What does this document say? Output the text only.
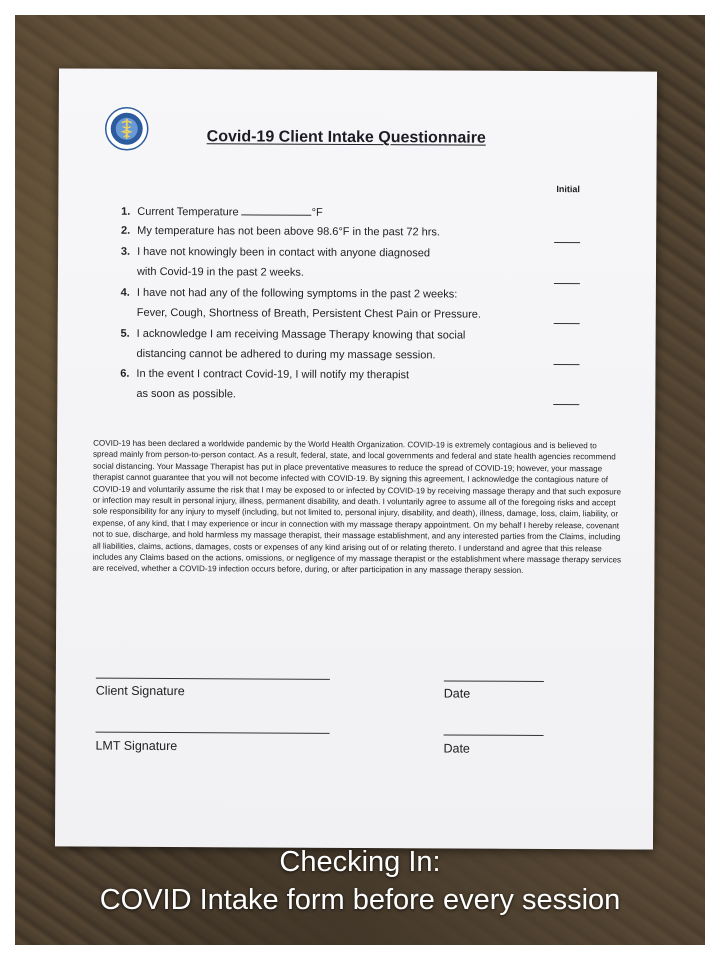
Covid-19 Client Intake Questionnaire
Initial
1. Current Temperature	°F
2. My temperature has not been above 98.6°F in the past 72 hrs.
3. I have not knowingly been in contact with anyone diagnosed
with Covid-19 in the past 2 weeks.
4. I have not had any of the following symptoms in the past 2 weeks:
Fever, Cough, Shortness of Breath, Persistent Chest Pain or Pressure.
5. I acknowledge I am receiving Massage Therapy knowing that social
distancing cannot be adhered to during my massage session.
6. In the event I contract Covid-19, I will notify my therapist
as soon as possible.
COVID-19 has been declared a worldwide pandemic by the World Health Organization. COVID-19 is extremely contagious and is believed to spread mainly from person-to-person contact. As a result, federal, state, and local governments and federal and state health agencies recommend social distancing. Your Massage Therapist has put in place preventative measures to reduce the spread of COVID-19; however, your massage therapist cannot guarantee that you will not become infected with COVID-19. By signing this agreement, I acknowledge the contagious nature of COVID-19 and voluntarily assume the risk that I may be exposed to or infected by COVID-19 by receiving massage therapy and that such exposure or infection may result in personal injury, illness, permanent disability, and death. I voluntarily agree to assume all of the foregoing risks and accept sole responsibility for any injury to myself (including, but not limited to, personal injury, disability, and death), illness, damage, loss, claim, liability, or expense, of any kind, that I may experience or incur in connection with my massage therapy appointment. On my behalf I hereby release, covenant not to sue, discharge, and hold harmless my massage therapist, their massage establishment, and any interested parties from the Claims, including all liabilities, claims, actions, damages, costs or expenses of any kind arising out of or relating thereto. I understand and agree that this release includes any Claims based on the actions, omissions, or negligence of my massage therapist or the establishment where massage therapy services are received, whether a COVID-19 infection occurs before, during, or after participation in any massage therapy session.
Client Signature	Date
LMT Signature	Date
Checking In:
COVID Intake form before every session
